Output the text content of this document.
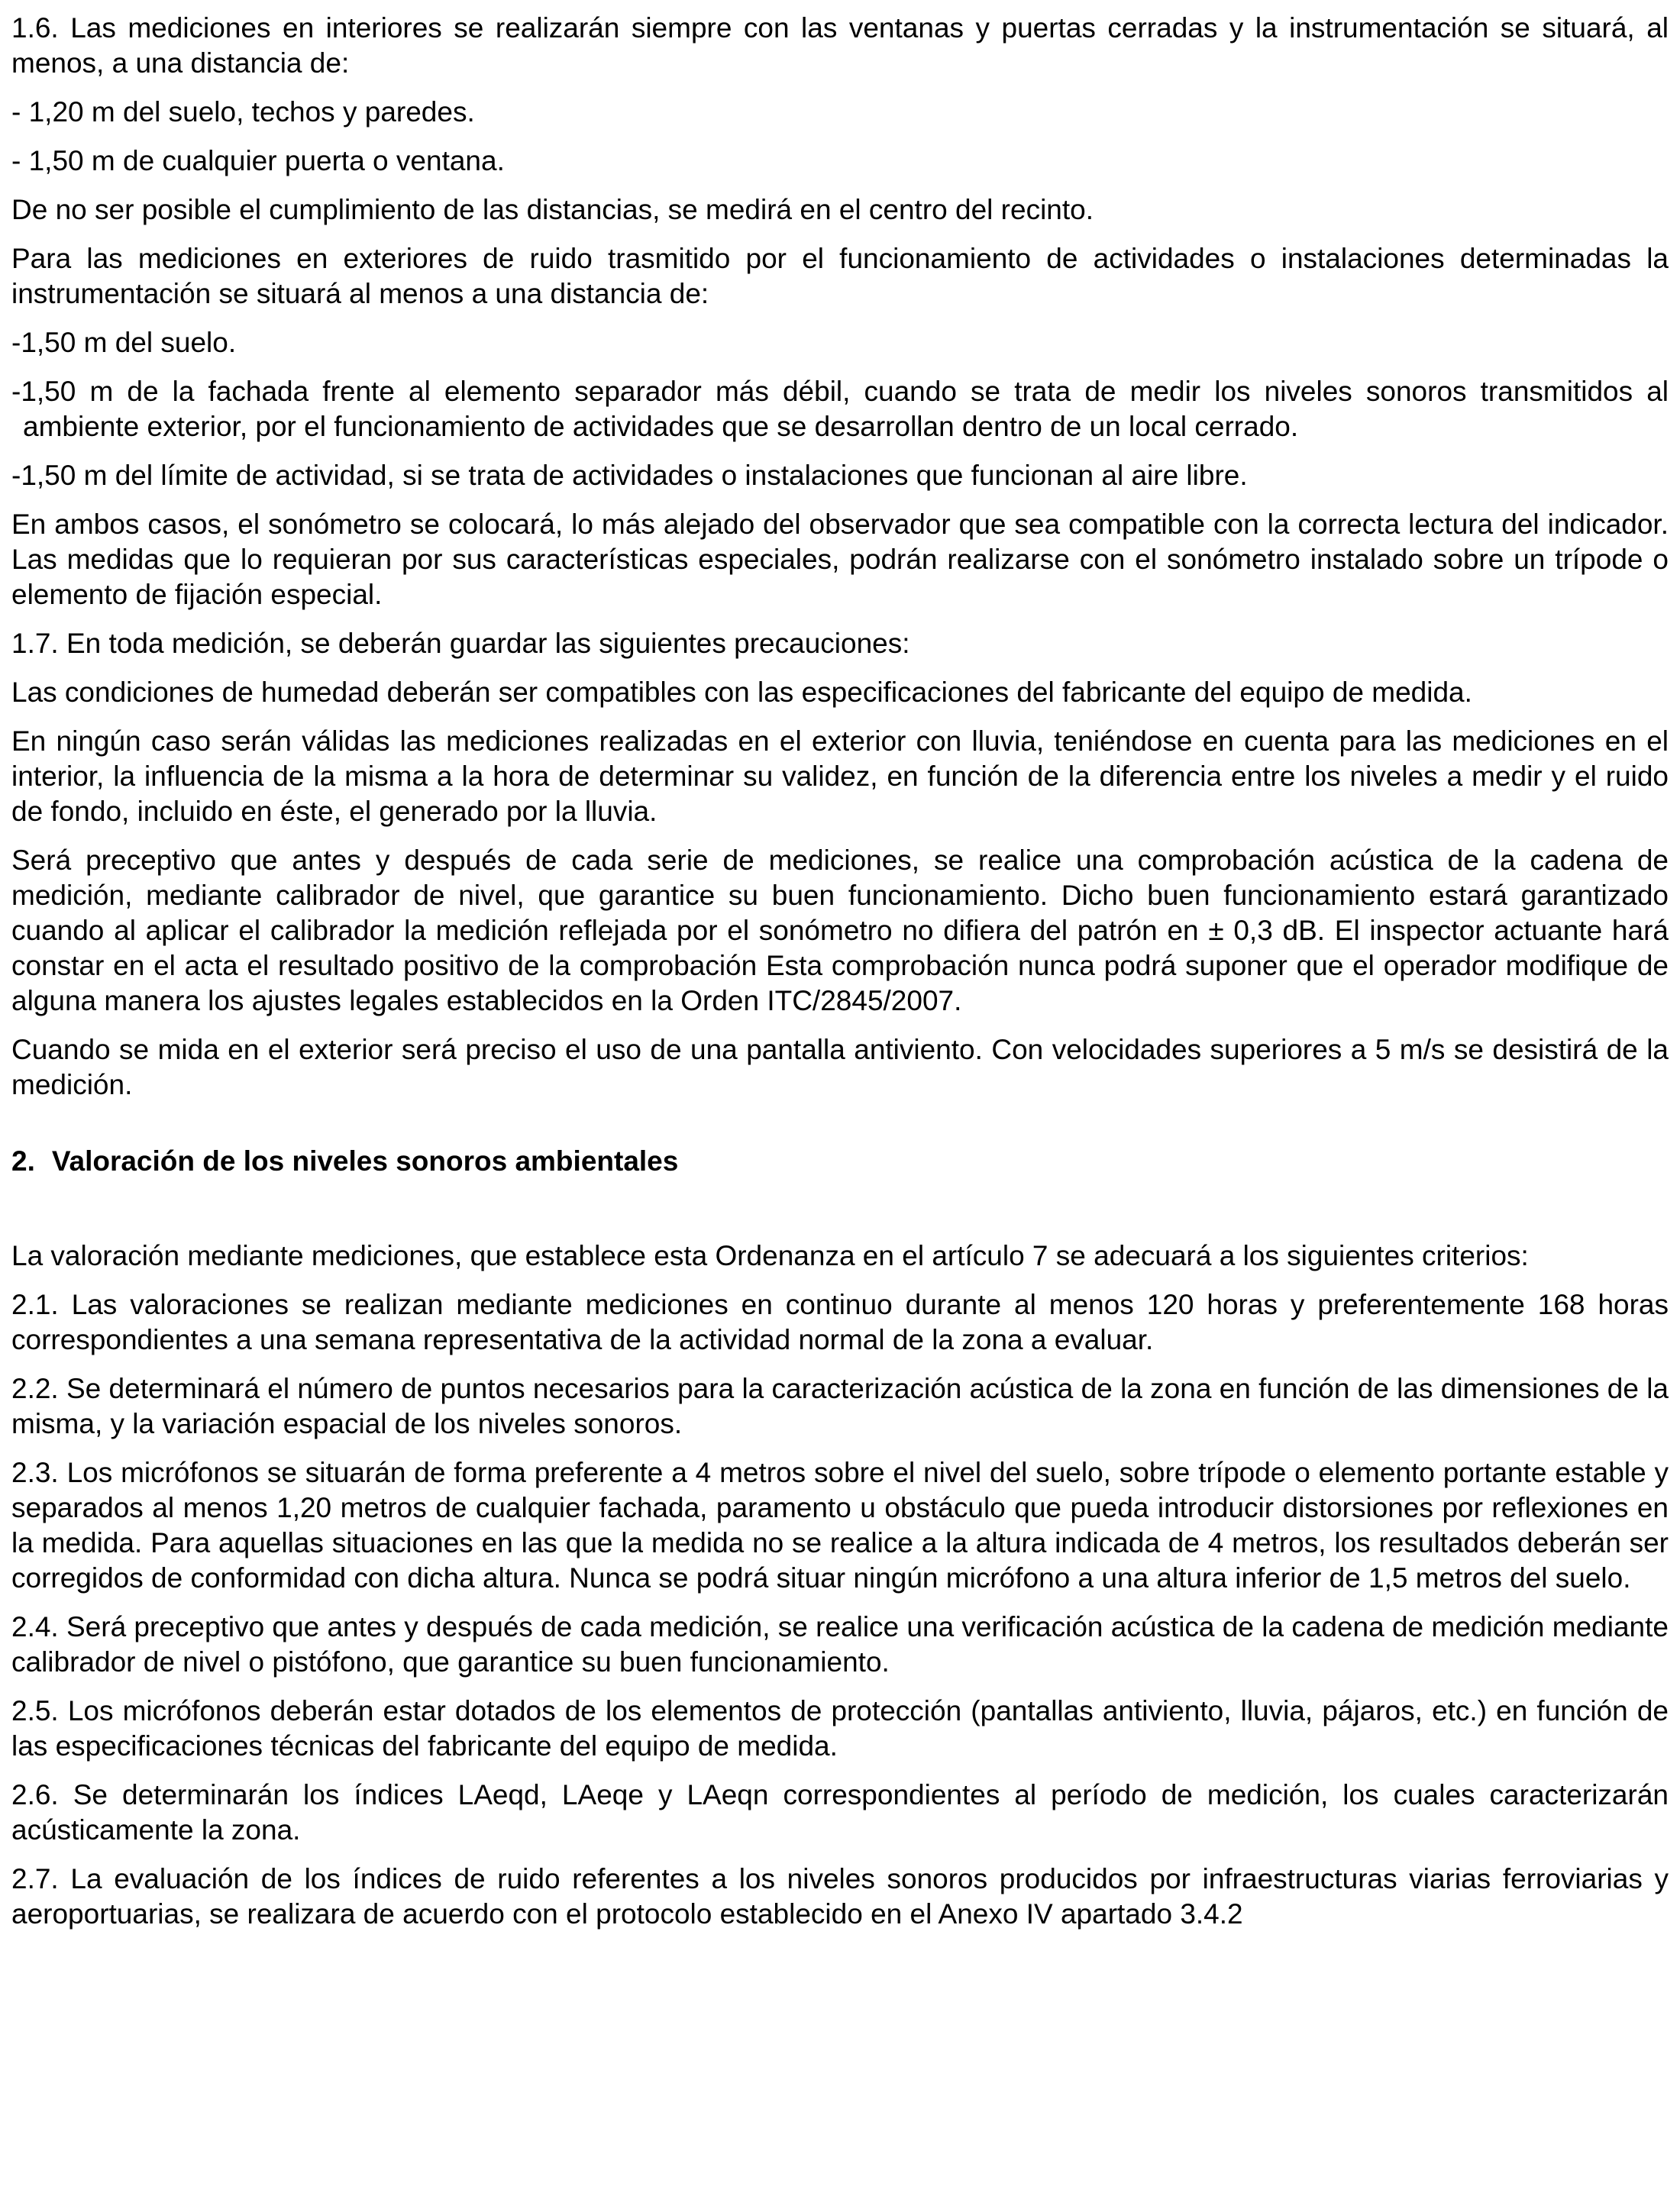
1.6. Las mediciones en interiores se realizarán siempre con las ventanas y puertas cerradas y la instrumentación se situará, al menos, a una distancia de:

- 1,20 m del suelo, techos y paredes.

- 1,50 m de cualquier puerta o ventana.

De no ser posible el cumplimiento de las distancias, se medirá en el centro del recinto.

Para las mediciones en exteriores de ruido trasmitido por el funcionamiento de actividades o instalaciones determinadas la instrumentación se situará al menos a una distancia de:

-1,50 m del suelo.

-1,50 m de la fachada frente al elemento separador más débil, cuando se trata de medir los niveles sonoros transmitidos al ambiente exterior, por el funcionamiento de actividades que se desarrollan dentro de un local cerrado.

-1,50 m del límite de actividad, si se trata de actividades o instalaciones que funcionan al aire libre.

En ambos casos, el sonómetro se colocará, lo más alejado del observador que sea compatible con la correcta lectura del indicador. Las medidas que lo requieran por sus características especiales, podrán realizarse con el sonómetro instalado sobre un trípode o elemento de fijación especial.

1.7. En toda medición, se deberán guardar las siguientes precauciones:

Las condiciones de humedad deberán ser compatibles con las especificaciones del fabricante del equipo de medida.

En ningún caso serán válidas las mediciones realizadas en el exterior con lluvia, teniéndose en cuenta para las mediciones en el interior, la influencia de la misma a la hora de determinar su validez, en función de la diferencia entre los niveles a medir y el ruido de fondo, incluido en éste, el generado por la lluvia.

Será preceptivo que antes y después de cada serie de mediciones, se realice una comprobación acústica de la cadena de medición, mediante calibrador de nivel, que garantice su buen funcionamiento. Dicho buen funcionamiento estará garantizado cuando al aplicar el calibrador la medición reflejada por el sonómetro no difiera del patrón en ± 0,3 dB. El inspector actuante hará constar en el acta el resultado positivo de la comprobación Esta comprobación nunca podrá suponer que el operador modifique de alguna manera los ajustes legales establecidos en la Orden ITC/2845/2007.

Cuando se mida en el exterior será preciso el uso de una pantalla antiviento. Con velocidades superiores a 5 m/s se desistirá de la medición.

2. Valoración de los niveles sonoros ambientales

La valoración mediante mediciones, que establece esta Ordenanza en el artículo 7 se adecuará a los siguientes criterios:

2.1. Las valoraciones se realizan mediante mediciones en continuo durante al menos 120 horas y preferentemente 168 horas correspondientes a una semana representativa de la actividad normal de la zona a evaluar.

2.2. Se determinará el número de puntos necesarios para la caracterización acústica de la zona en función de las dimensiones de la misma, y la variación espacial de los niveles sonoros.

2.3. Los micrófonos se situarán de forma preferente a 4 metros sobre el nivel del suelo, sobre trípode o elemento portante estable y separados al menos 1,20 metros de cualquier fachada, paramento u obstáculo que pueda introducir distorsiones por reflexiones en la medida. Para aquellas situaciones en las que la medida no se realice a la altura indicada de 4 metros, los resultados deberán ser corregidos de conformidad con dicha altura. Nunca se podrá situar ningún micrófono a una altura inferior de 1,5 metros del suelo.

2.4. Será preceptivo que antes y después de cada medición, se realice una verificación acústica de la cadena de medición mediante calibrador de nivel o pistófono, que garantice su buen funcionamiento.

2.5. Los micrófonos deberán estar dotados de los elementos de protección (pantallas antiviento, lluvia, pájaros, etc.) en función de las especificaciones técnicas del fabricante del equipo de medida.

2.6. Se determinarán los índices LAeqd, LAeqe y LAeqn correspondientes al período de medición, los cuales caracterizarán acústicamente la zona.

2.7. La evaluación de los índices de ruido referentes a los niveles sonoros producidos por infraestructuras viarias ferroviarias y aeroportuarias, se realizara de acuerdo con el protocolo establecido en el Anexo IV apartado 3.4.2
